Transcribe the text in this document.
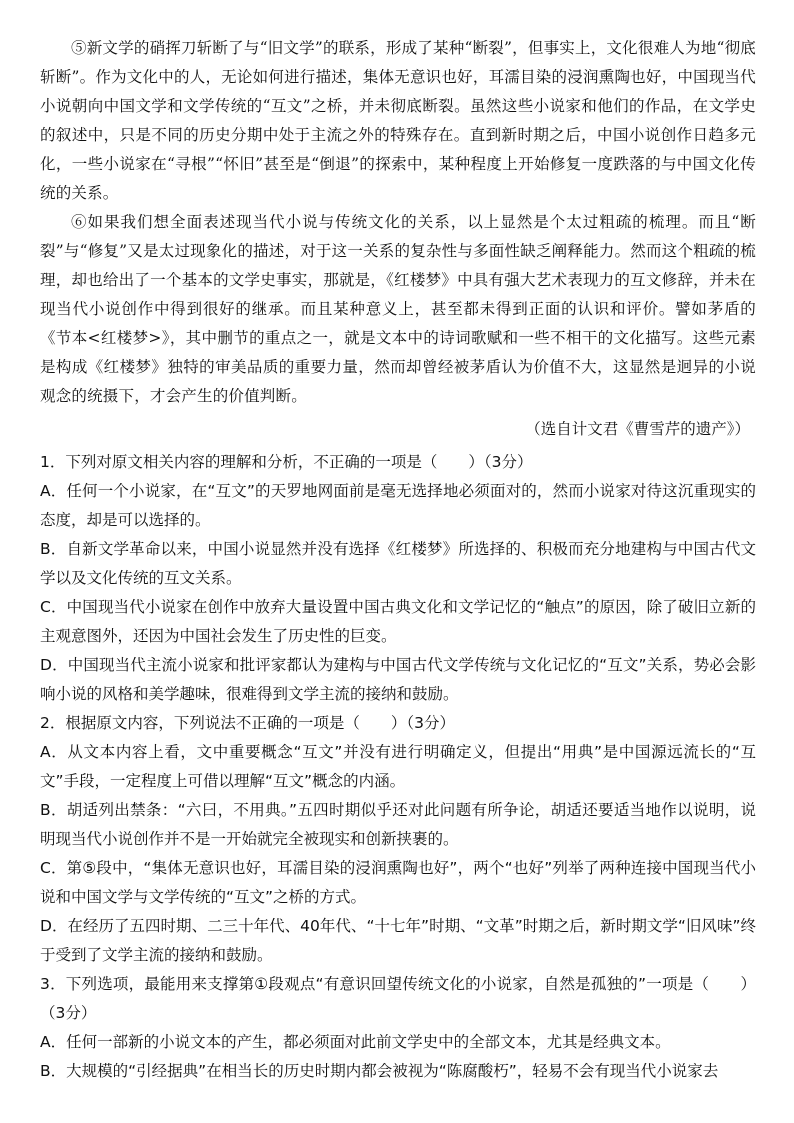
⑤新文学的硝挥刀斩断了与“旧文学”的联系，形成了某种“断裂”，但事实上，文化很难人为地“彻底斩断”。作为文化中的人，无论如何进行描述，集体无意识也好，耳濡目染的浸润熏陶也好，中国现当代小说朝向中国文学和文学传统的“互文”之桥，并未彻底断裂。虽然这些小说家和他们的作品，在文学史的叙述中，只是不同的历史分期中处于主流之外的特殊存在。直到新时期之后，中国小说创作日趋多元化，一些小说家在“寻根”“怀旧”甚至是“倒退”的探索中，某种程度上开始修复一度跌落的与中国文化传统的关系。

⑥如果我们想全面表述现当代小说与传统文化的关系，以上显然是个太过粗疏的梳理。而且“断裂”与“修复”又是太过现象化的描述，对于这一关系的复杂性与多面性缺乏阐释能力。然而这个粗疏的梳理，却也给出了一个基本的文学史事实，那就是，《红楼梦》中具有强大艺术表现力的互文修辞，并未在现当代小说创作中得到很好的继承。而且某种意义上，甚至都未得到正面的认识和评价。譬如茅盾的《节本<红楼梦>》，其中删节的重点之一，就是文本中的诗词歌赋和一些不相干的文化描写。这些元素是构成《红楼梦》独特的审美品质的重要力量，然而却曾经被茅盾认为价值不大，这显然是迥异的小说观念的统摄下，才会产生的价值判断。

（选自计文君《曹雪芹的遗产》）

1．下列对原文相关内容的理解和分析，不正确的一项是（　　）（3分）

A．任何一个小说家，在“互文”的天罗地网面前是毫无选择地必须面对的，然而小说家对待这沉重现实的态度，却是可以选择的。

B．自新文学革命以来，中国小说显然并没有选择《红楼梦》所选择的、积极而充分地建构与中国古代文学以及文化传统的互文关系。

C．中国现当代小说家在创作中放弃大量设置中国古典文化和文学记忆的“触点”的原因，除了破旧立新的主观意图外，还因为中国社会发生了历史性的巨变。

D．中国现当代主流小说家和批评家都认为建构与中国古代文学传统与文化记忆的“互文”关系，势必会影响小说的风格和美学趣味，很难得到文学主流的接纳和鼓励。

2．根据原文内容，下列说法不正确的一项是（　　）（3分）

A．从文本内容上看，文中重要概念“互文”并没有进行明确定义，但提出“用典”是中国源远流长的“互文”手段，一定程度上可借以理解“互文”概念的内涵。

B．胡适列出禁条：“六曰，不用典。”五四时期似乎还对此问题有所争论，胡适还要适当地作以说明，说明现当代小说创作并不是一开始就完全被现实和创新挟裹的。

C．第⑤段中，“集体无意识也好，耳濡目染的浸润熏陶也好”，两个“也好”列举了两种连接中国现当代小说和中国文学与文学传统的“互文”之桥的方式。

D．在经历了五四时期、二三十年代、40年代、“十七年”时期、“文革”时期之后，新时期文学“旧风味”终于受到了文学主流的接纳和鼓励。

3．下列选项，最能用来支撑第①段观点“有意识回望传统文化的小说家，自然是孤独的”一项是（　　）（3分）

A．任何一部新的小说文本的产生，都必须面对此前文学史中的全部文本，尤其是经典文本。

B．大规模的“引经据典”在相当长的历史时期内都会被视为“陈腐酸朽”，轻易不会有现当代小说家去
